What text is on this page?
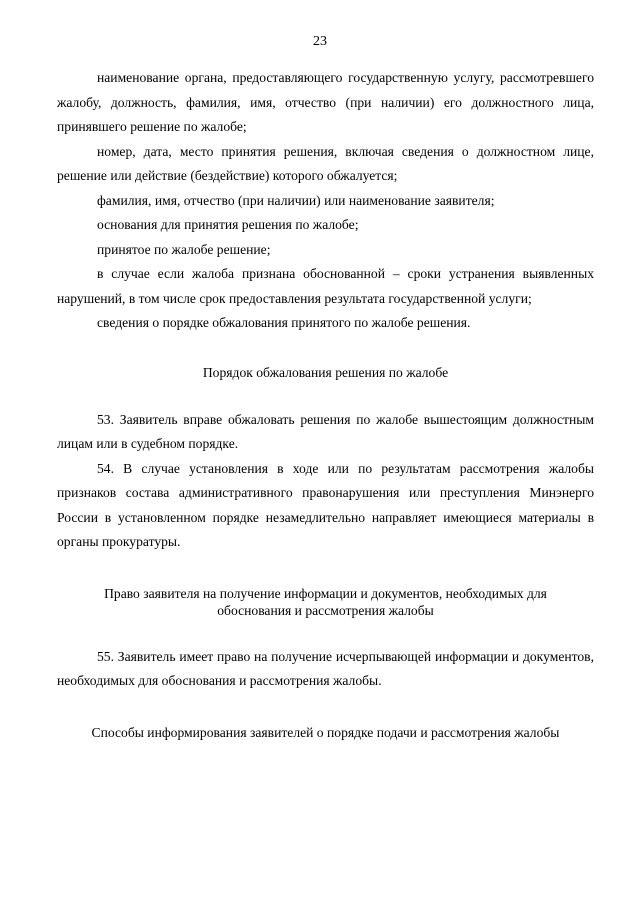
23

наименование органа, предоставляющего государственную услугу, рассмотревшего жалобу, должность, фамилия, имя, отчество (при наличии) его должностного лица, принявшего решение по жалобе;

номер, дата, место принятия решения, включая сведения о должностном лице, решение или действие (бездействие) которого обжалуется;

фамилия, имя, отчество (при наличии) или наименование заявителя;

основания для принятия решения по жалобе;

принятое по жалобе решение;

в случае если жалоба признана обоснованной – сроки устранения выявленных нарушений, в том числе срок предоставления результата государственной услуги;

сведения о порядке обжалования принятого по жалобе решения.

Порядок обжалования решения по жалобе

53. Заявитель вправе обжаловать решения по жалобе вышестоящим должностным лицам или в судебном порядке.

54. В случае установления в ходе или по результатам рассмотрения жалобы признаков состава административного правонарушения или преступления Минэнерго России в установленном порядке незамедлительно направляет имеющиеся материалы в органы прокуратуры.

Право заявителя на получение информации и документов, необходимых для
обоснования и рассмотрения жалобы

55. Заявитель имеет право на получение исчерпывающей информации и документов, необходимых для обоснования и рассмотрения жалобы.

Способы информирования заявителей о порядке подачи и рассмотрения жалобы
